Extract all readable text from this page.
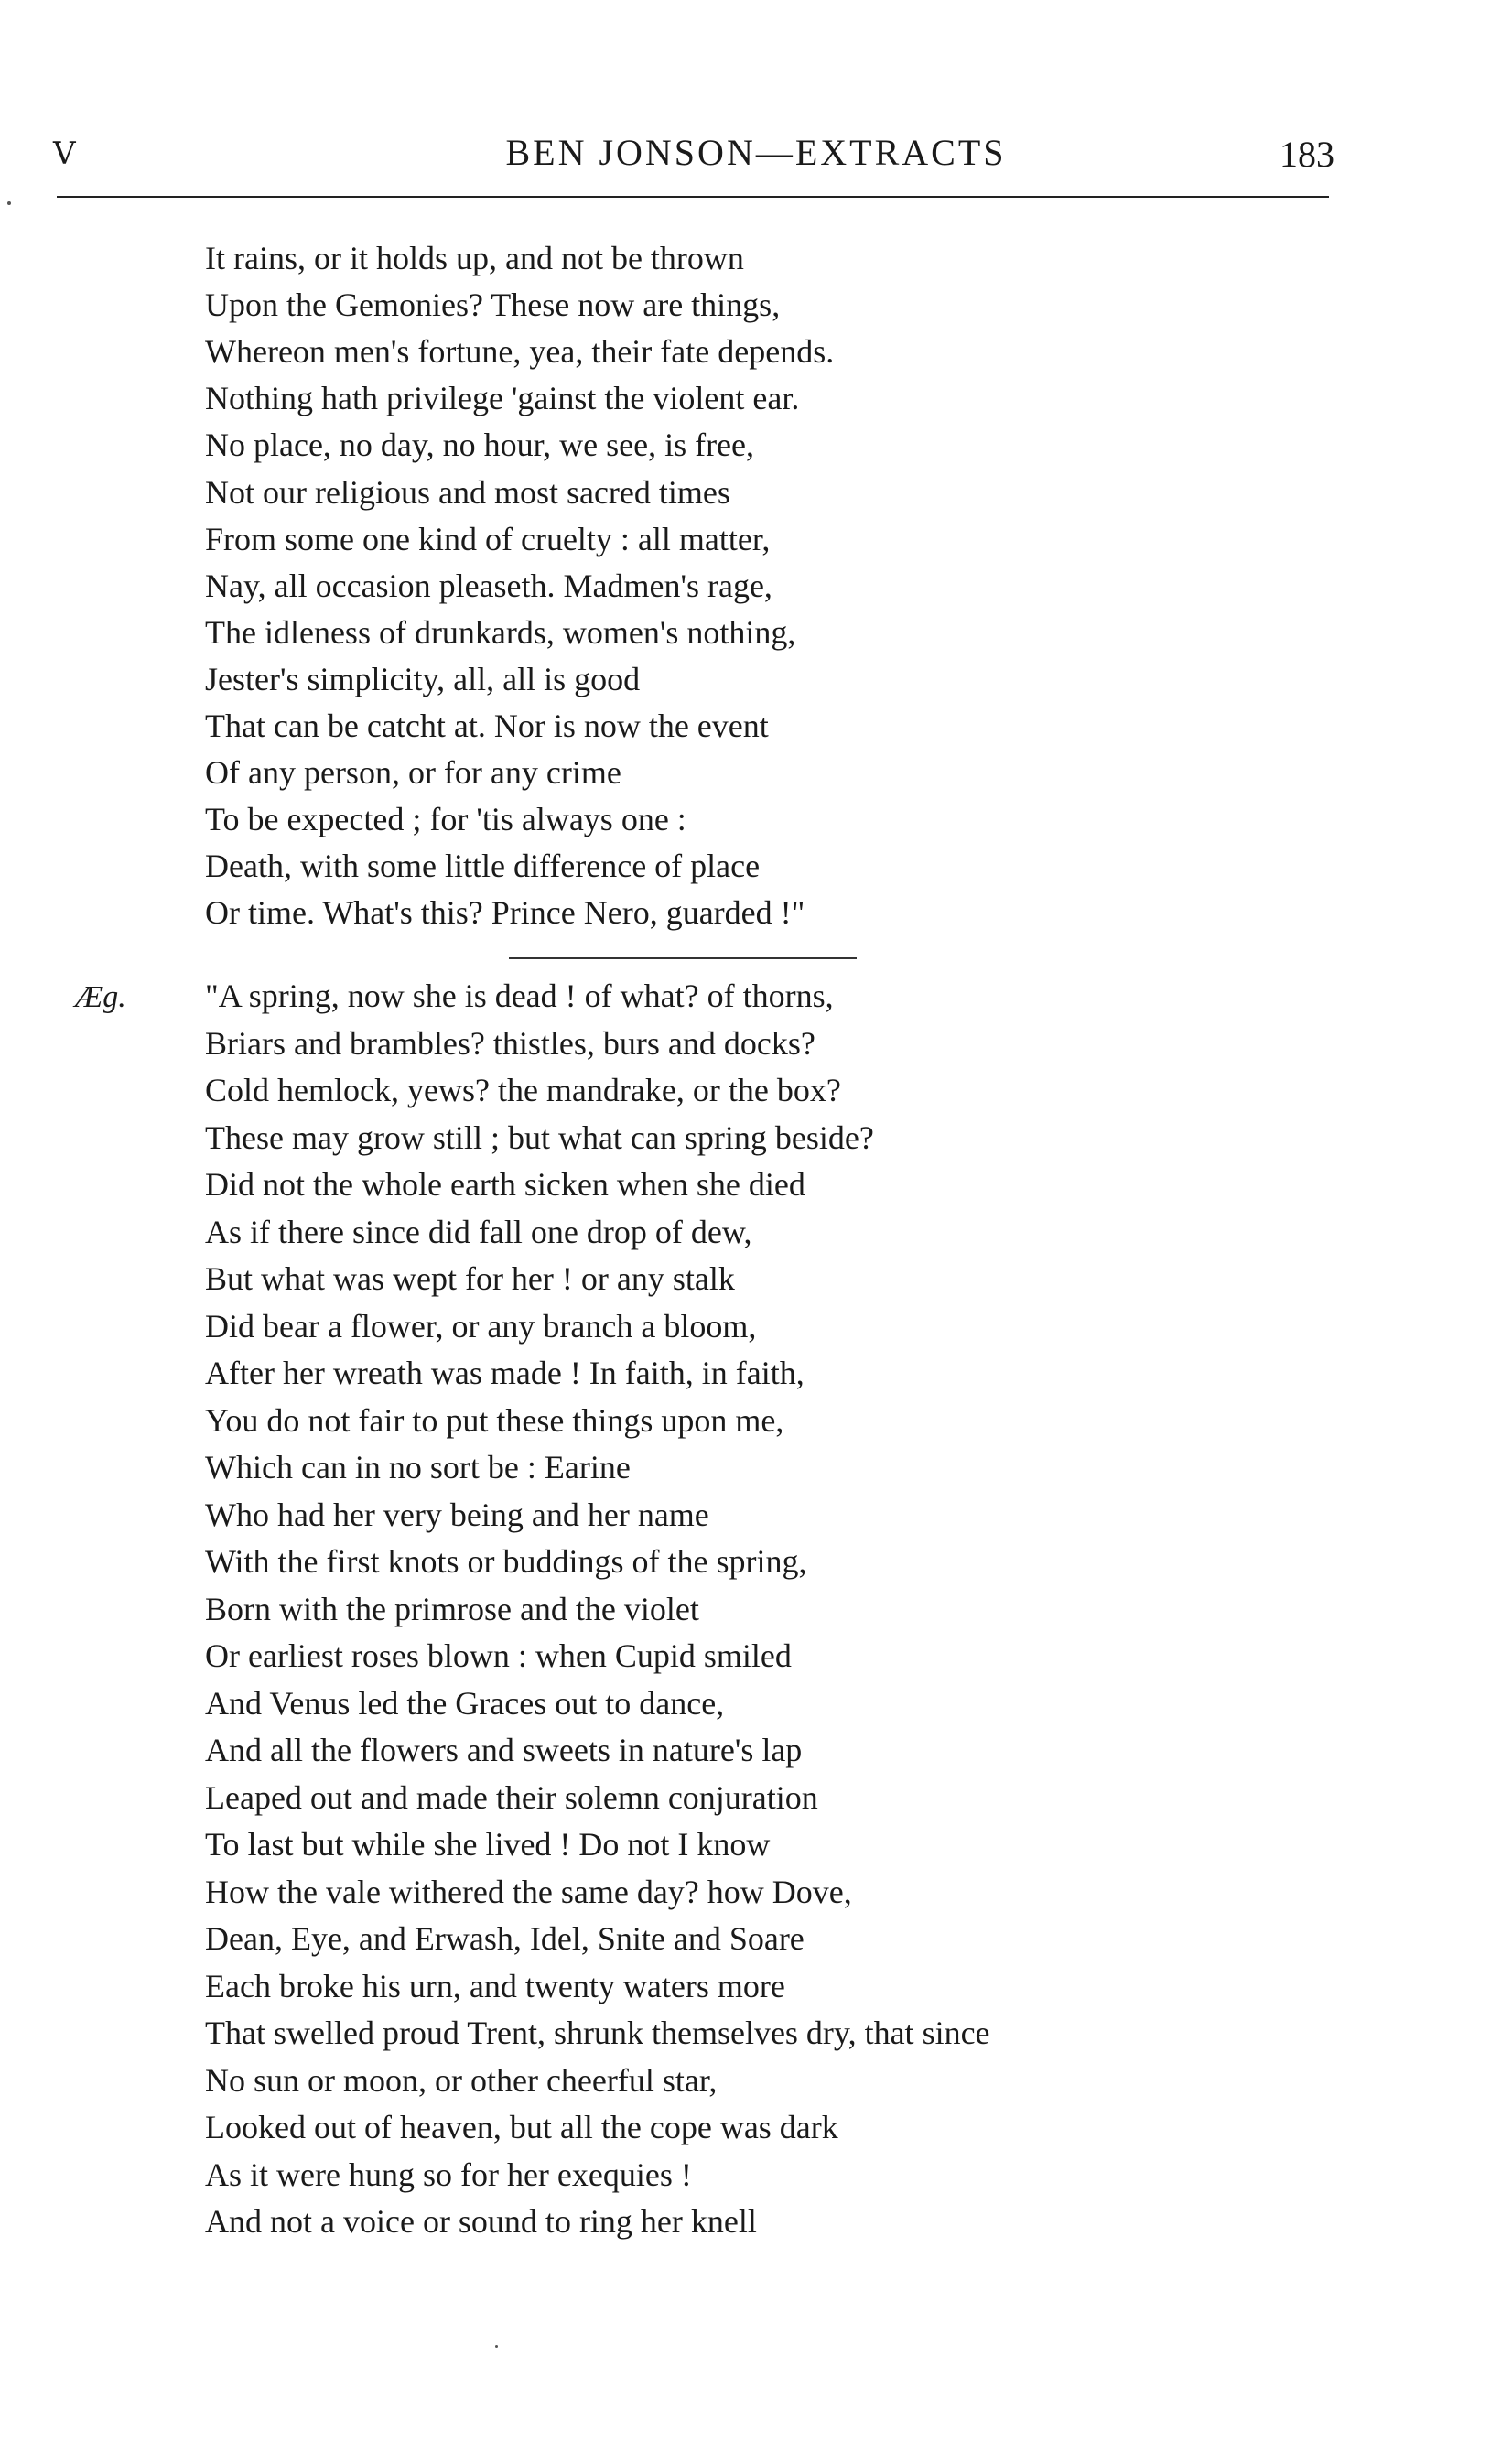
V	BEN JONSON—EXTRACTS	183
It rains, or it holds up, and not be thrown
Upon the Gemonies? These now are things,
Whereon men's fortune, yea, their fate depends.
Nothing hath privilege 'gainst the violent ear.
No place, no day, no hour, we see, is free,
Not our religious and most sacred times
From some one kind of cruelty : all matter,
Nay, all occasion pleaseth. Madmen's rage,
The idleness of drunkards, women's nothing,
Jester's simplicity, all, all is good
That can be catcht at. Nor is now the event
Of any person, or for any crime
To be expected ; for 'tis always one :
Death, with some little difference of place
Or time. What's this? Prince Nero, guarded !"
Æg. "A spring, now she is dead ! of what? of thorns,
Briars and brambles? thistles, burs and docks?
Cold hemlock, yews? the mandrake, or the box?
These may grow still ; but what can spring beside?
Did not the whole earth sicken when she died
As if there since did fall one drop of dew,
But what was wept for her ! or any stalk
Did bear a flower, or any branch a bloom,
After her wreath was made ! In faith, in faith,
You do not fair to put these things upon me,
Which can in no sort be : Earine
Who had her very being and her name
With the first knots or buddings of the spring,
Born with the primrose and the violet
Or earliest roses blown : when Cupid smiled
And Venus led the Graces out to dance,
And all the flowers and sweets in nature's lap
Leaped out and made their solemn conjuration
To last but while she lived ! Do not I know
How the vale withered the same day? how Dove,
Dean, Eye, and Erwash, Idel, Snite and Soare
Each broke his urn, and twenty waters more
That swelled proud Trent, shrunk themselves dry, that since
No sun or moon, or other cheerful star,
Looked out of heaven, but all the cope was dark
As it were hung so for her exequies !
And not a voice or sound to ring her knell
